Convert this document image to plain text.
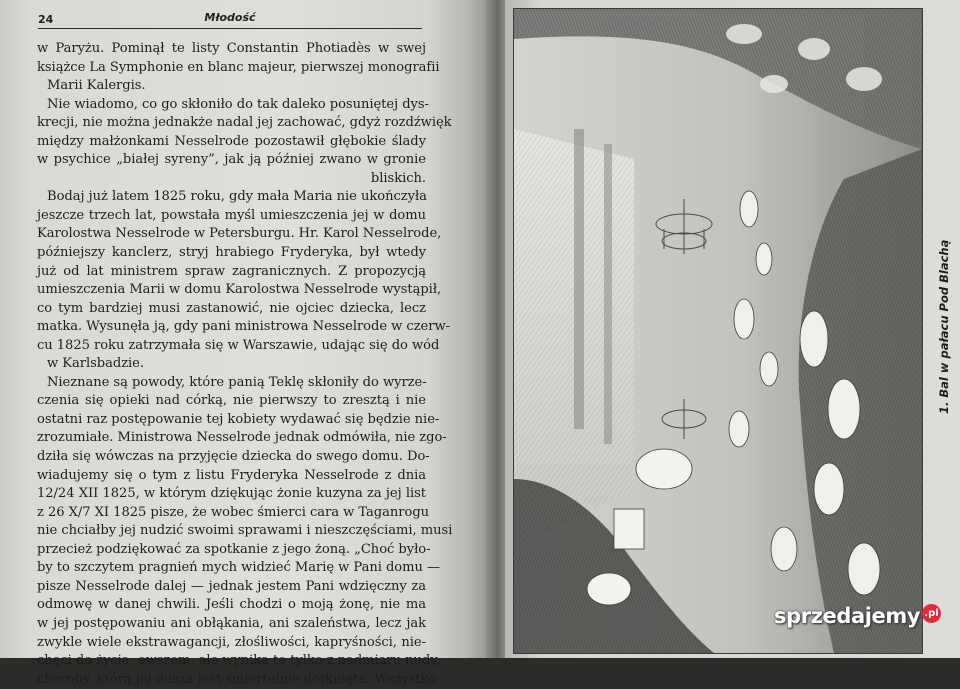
24	Młodość
w Paryżu. Pominął te listy Constantin Photiadès w swej
książce La Symphonie en blanc majeur, pierwszej monografii
Marii Kalergis.
Nie wiadomo, co go skłoniło do tak daleko posuniętej dys-
krecji, nie można jednakże nadal jej zachować, gdyż rozdźwięk
między małżonkami Nesselrode pozostawił głębokie ślady
w psychice „białej syreny”, jak ją później zwano w gronie
bliskich.
Bodaj już latem 1825 roku, gdy mała Maria nie ukończyła
jeszcze trzech lat, powstała myśl umieszczenia jej w domu
Karolostwa Nesselrode w Petersburgu. Hr. Karol Nesselrode,
późniejszy kanclerz, stryj hrabiego Fryderyka, był wtedy
już od lat ministrem spraw zagranicznych. Z propozycją
umieszczenia Marii w domu Karolostwa Nesselrode wystąpił,
co tym bardziej musi zastanowić, nie ojciec dziecka, lecz
matka. Wysunęła ją, gdy pani ministrowa Nesselrode w czerw-
cu 1825 roku zatrzymała się w Warszawie, udając się do wód
w Karlsbadzie.
Nieznane są powody, które panią Teklę skłoniły do wyrze-
czenia się opieki nad córką, nie pierwszy to zresztą i nie
ostatni raz postępowanie tej kobiety wydawać się będzie nie-
zrozumiałe. Ministrowa Nesselrode jednak odmówiła, nie zgo-
dziła się wówczas na przyjęcie dziecka do swego domu. Do-
wiadujemy się o tym z listu Fryderyka Nesselrode z dnia
12/24 XII 1825, w którym dziękując żonie kuzyna za jej list
z 26 X/7 XI 1825 pisze, że wobec śmierci cara w Taganrogu
nie chciałby jej nudzić swoimi sprawami i nieszczęściami, musi
przecież podziękować za spotkanie z jego żoną. „Choć było-
by to szczytem pragnień mych widzieć Marię w Pani domu —
pisze Nesselrode dalej — jednak jestem Pani wdzięczny za
odmowę w danej chwili. Jeśli chodzi o moją żonę, nie ma
w jej postępowaniu ani obłąkania, ani szaleństwa, lecz jak
zwykle wiele ekstrawagancji, złośliwości, kapryśności, nie-
chęci do życia, owszem, ale wynika to tylko z nadmiaru nudy,
choroby, którą jej dusza jest śmiertelnie dotknięta. Wszystko
1. Bal w pałacu Pod Blachą
sprzedajemy .pl
